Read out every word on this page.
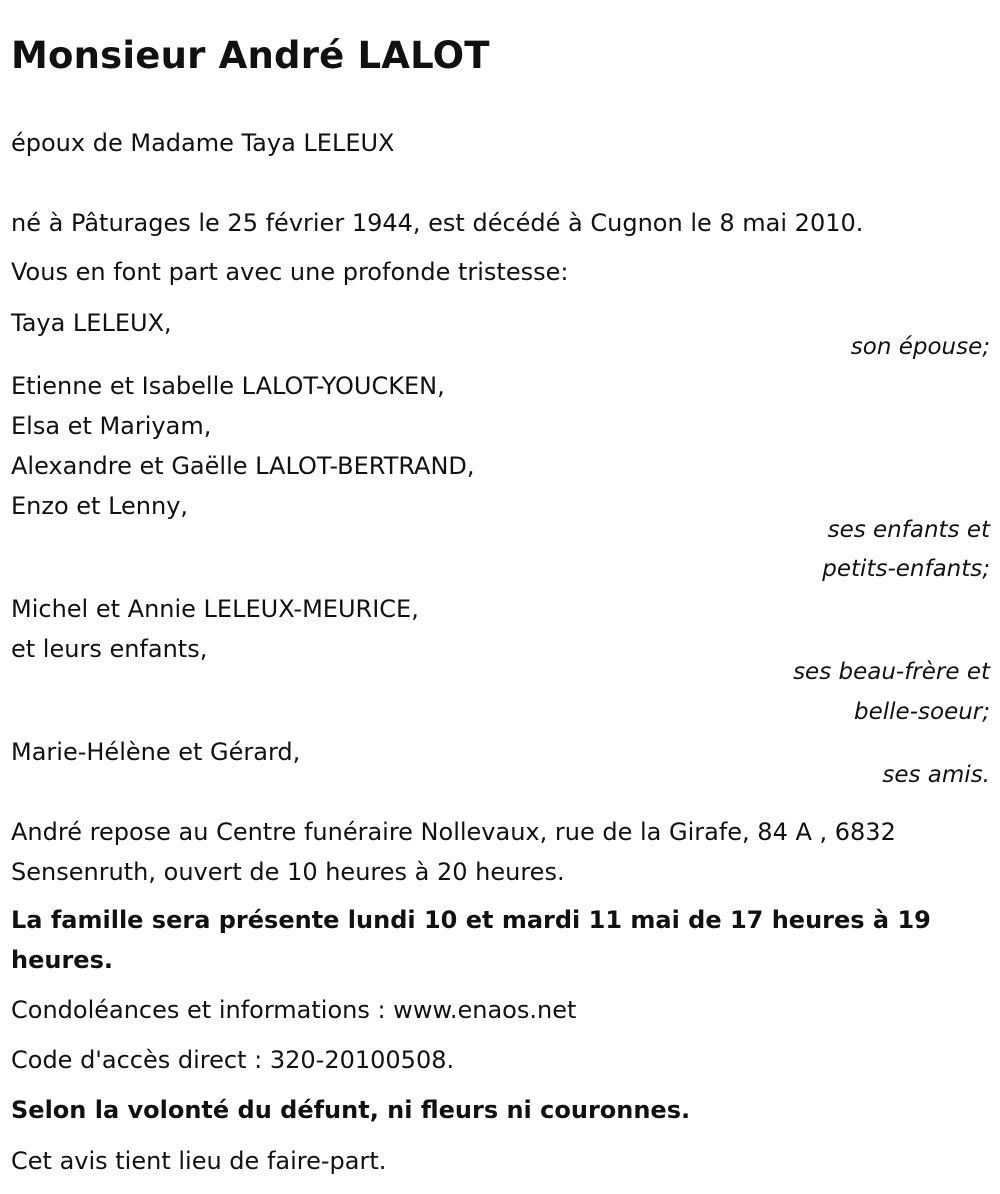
Monsieur André LALOT

époux de Madame Taya LELEUX

né à Pâturages le 25 février 1944, est décédé à Cugnon le 8 mai 2010.

Vous en font part avec une profonde tristesse:

Taya LELEUX,

son épouse;

Etienne et Isabelle LALOT-YOUCKEN,

Elsa et Mariyam,

Alexandre et Gaëlle LALOT-BERTRAND,

Enzo et Lenny,

ses enfants et

petits-enfants;

Michel et Annie LELEUX-MEURICE,

et leurs enfants,

ses beau-frère et

belle-soeur;

Marie-Hélène et Gérard,

ses amis.

André repose au Centre funéraire Nollevaux, rue de la Girafe, 84 A , 6832 Sensenruth, ouvert de 10 heures à 20 heures.

La famille sera présente lundi 10 et mardi 11 mai de 17 heures à 19 heures.

Condoléances et informations : www.enaos.net

Code d'accès direct : 320-20100508.

Selon la volonté du défunt, ni fleurs ni couronnes.

Cet avis tient lieu de faire-part.
